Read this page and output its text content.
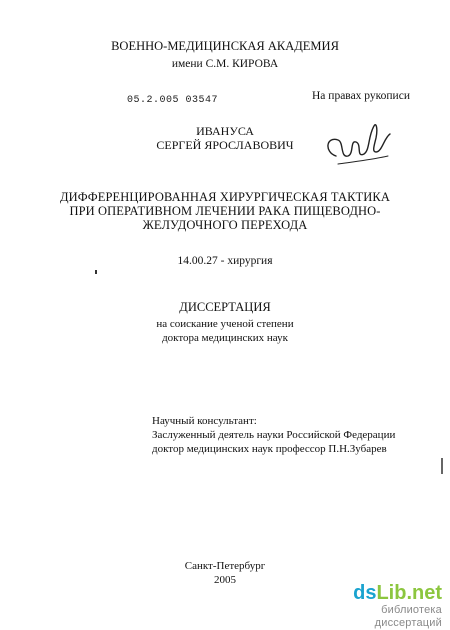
ВОЕННО-МЕДИЦИНСКАЯ АКАДЕМИЯ
имени С.М. КИРОВА
05.2.005 03547	На правах рукописи
ИВАНУСА
СЕРГЕЙ ЯРОСЛАВОВИЧ
ДИФФЕРЕНЦИРОВАННАЯ ХИРУРГИЧЕСКАЯ ТАКТИКА
ПРИ ОПЕРАТИВНОМ ЛЕЧЕНИИ РАКА ПИЩЕВОДНО-
ЖЕЛУДОЧНОГО ПЕРЕХОДА
14.00.27 - хирургия
ДИССЕРТАЦИЯ
на соискание ученой степени
доктора медицинских наук
Научный консультант:
Заслуженный деятель науки Российской Федерации
доктор медицинских наук профессор П.Н.Зубарев
Санкт-Петербург
2005
dsLib.net
библиотека диссертаций
